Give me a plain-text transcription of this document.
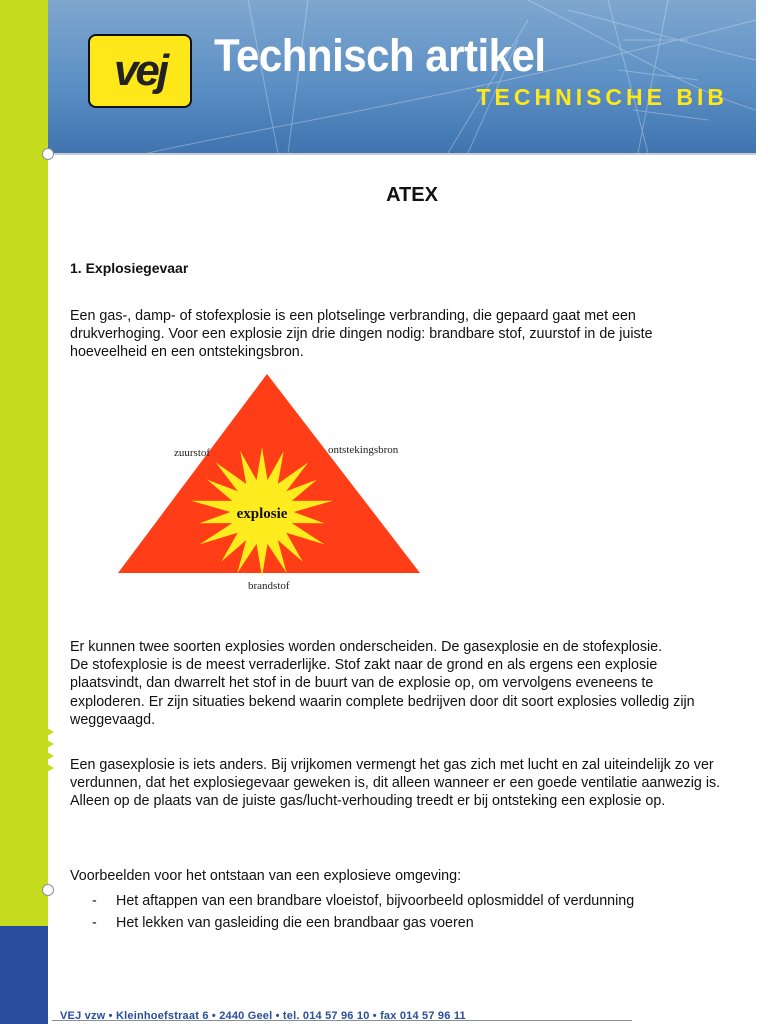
vej Technisch artikel
TECHNISCHE BIB
ATEX
1. Explosiegevaar
Een gas-, damp- of stofexplosie is een plotselinge verbranding, die gepaard gaat met een drukverhoging. Voor een explosie zijn drie dingen nodig: brandbare stof, zuurstof in de juiste hoeveelheid en een ontstekingsbron.
zuurstof	ontstekingsbron
brandstof
explosie
Er kunnen twee soorten explosies worden onderscheiden. De gasexplosie en de stofexplosie.
De stofexplosie is de meest verraderlijke. Stof zakt naar de grond en als ergens een explosie plaatsvindt, dan dwarrelt het stof in de buurt van de explosie op, om vervolgens eveneens te exploderen. Er zijn situaties bekend waarin complete bedrijven door dit soort explosies volledig zijn weggevaagd.
Een gasexplosie is iets anders. Bij vrijkomen vermengt het gas zich met lucht en zal uiteindelijk zo ver verdunnen, dat het explosiegevaar geweken is, dit alleen wanneer er een goede ventilatie aanwezig is. Alleen op de plaats van de juiste gas/lucht-verhouding treedt er bij ontsteking een explosie op.
Voorbeelden voor het ontstaan van een explosieve omgeving:
- Het aftappen van een brandbare vloeistof, bijvoorbeeld oplosmiddel of verdunning
- Het lekken van gasleiding die een brandbaar gas voeren
VEJ vzw • Kleinhoefstraat 6 • 2440 Geel • tel. 014 57 96 10 • fax 014 57 96 11
